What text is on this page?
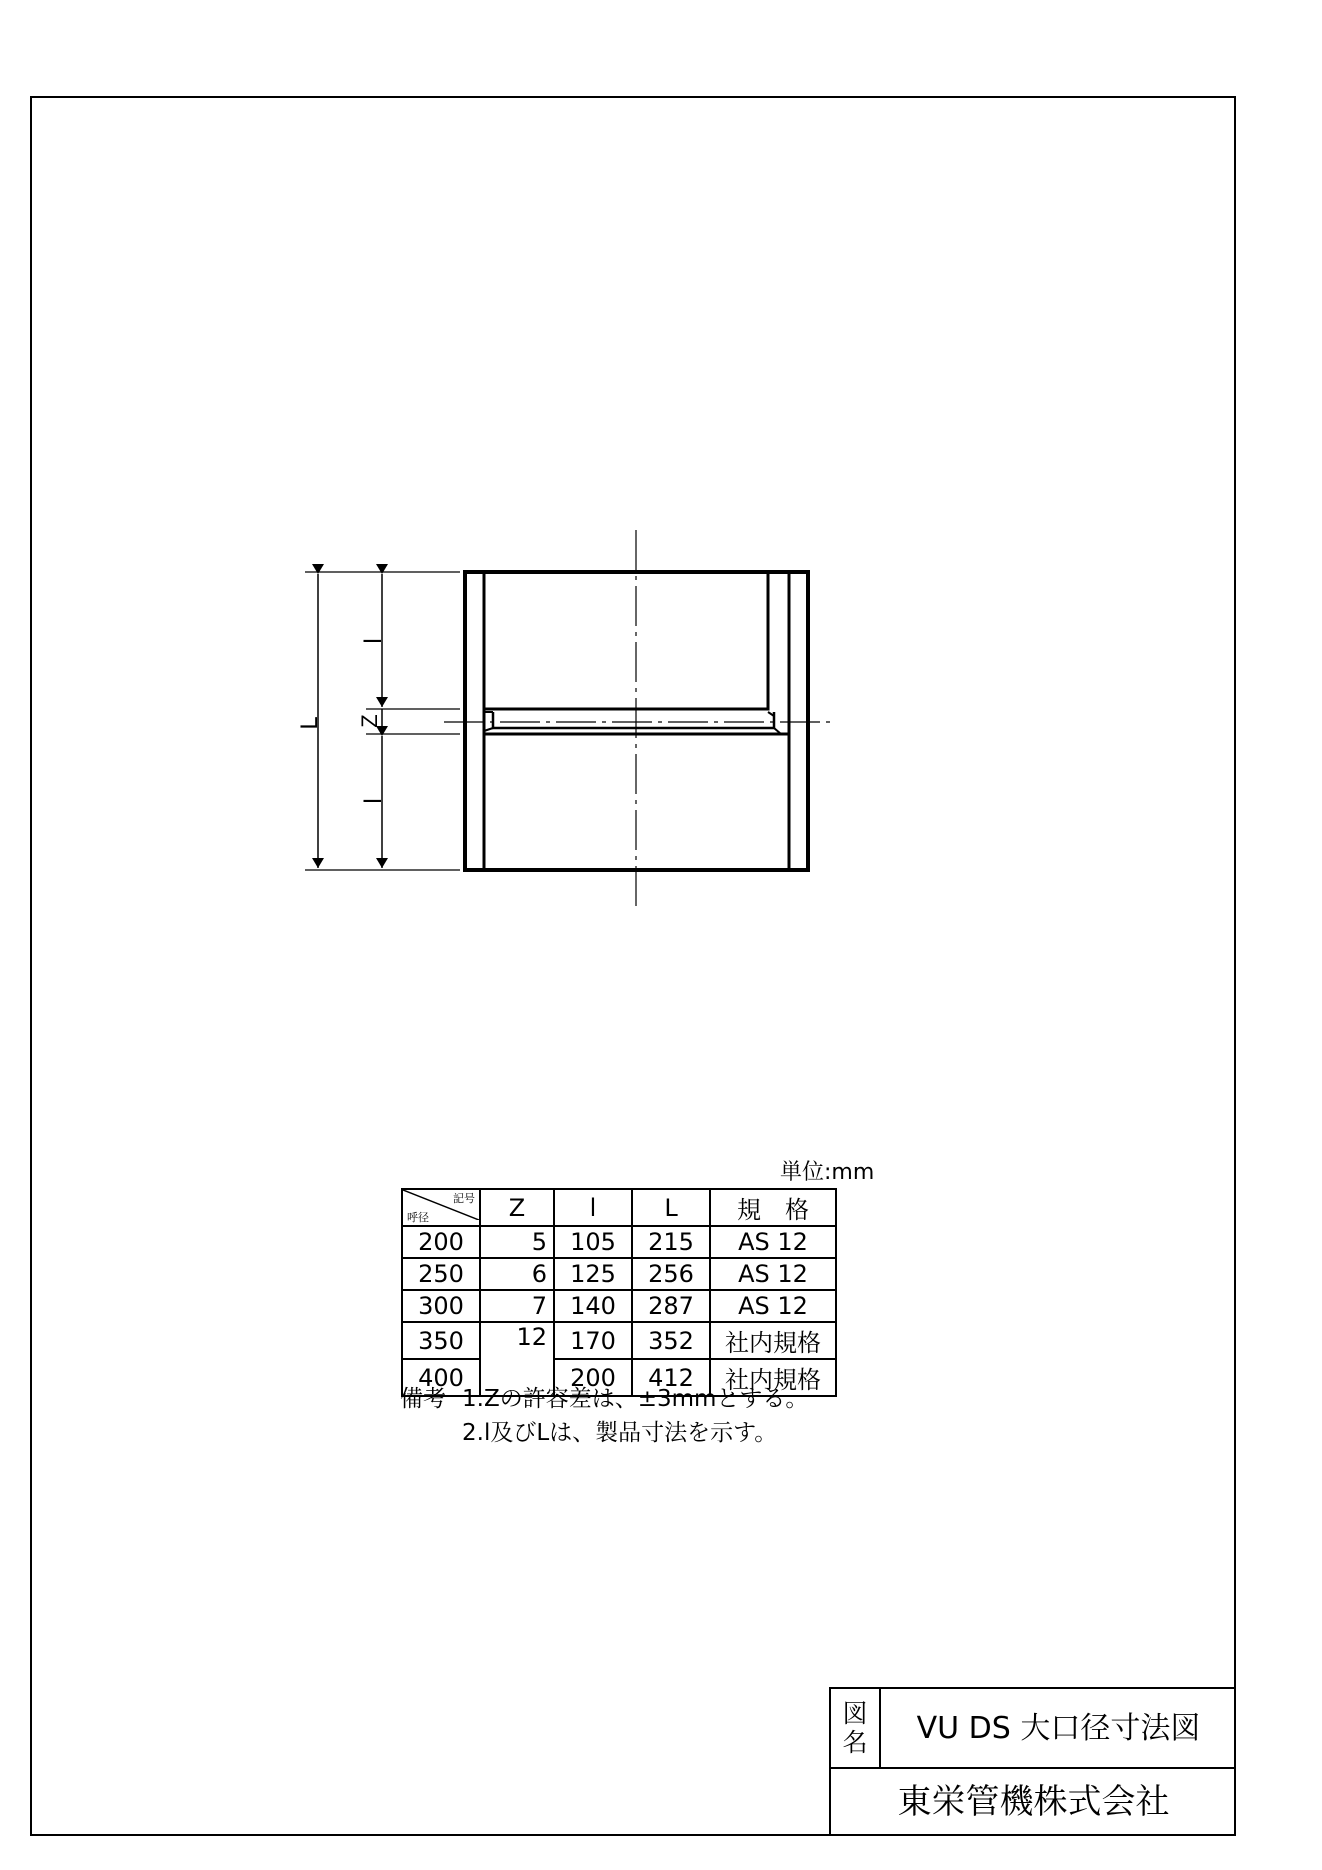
L
l
Z
l
単位:mm
記号
呼径	Z	l	L	規　格
200	5	105	215	AS 12
250	6	125	256	AS 12
300	7	140	287	AS 12
350	12	170	352	社内規格
400		200	412	社内規格
備考 1.Zの許容差は、±3mmとする。
2.l及びLは、製品寸法を示す。
図
名	VU DS 大口径寸法図
東栄管機株式会社
